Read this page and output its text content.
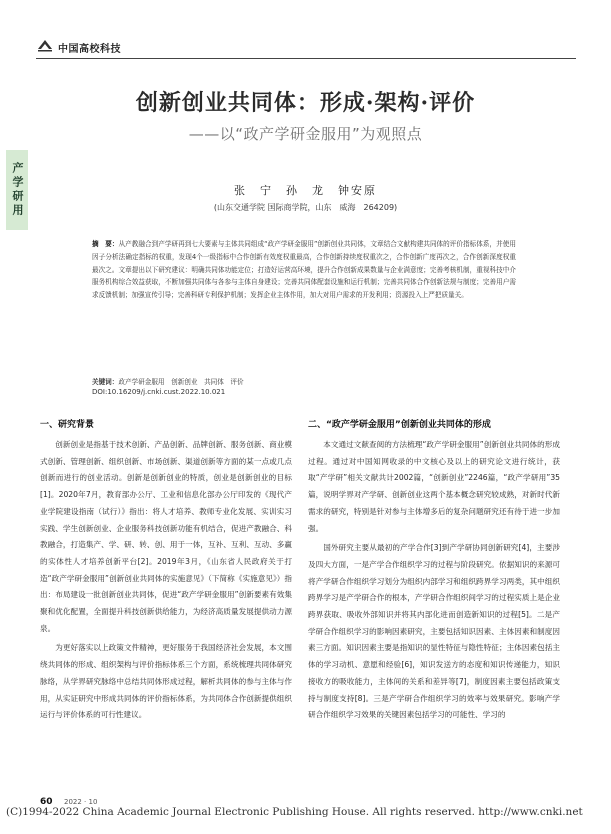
中国高校科技
产学研用
创新创业共同体：形成·架构·评价
——以“政产学研金服用”为观照点
张　宁　孙　龙　钟安原
(山东交通学院 国际商学院，山东　威海　264209)
摘　要：从产教融合到产学研再到七大要素与主体共同组成“政产学研金服用”创新创业共同体，文章结合文献构建共同体的评价指标体系，并使用因子分析法确定指标的权重，发现4个一级指标中合作创新有效度权重最高，合作创新持续度权重次之，合作创新广度再次之，合作创新深度权重最次之。文章提出以下研究建议：明确共同体功能定位；打造好运营高环境，提升合作创新成果数量与企业满意度；完善考核机制，重视科技中介服务机构综合效益获取，不断加强共同体与各参与主体自身建设；完善共同体配套设施和运行机制；完善共同体合作创新法规与制度；完善用户需求反馈机制；加强宣传引导；完善科研专利保护机制；发挥企业主体作用，加大对用户需求的开发利用；资源投入上严把质量关。
关键词：政产学研金服用　创新创业　共同体　评价
DOI:10.16209/j.cnki.cust.2022.10.021
一、研究背景

创新创业是指基于技术创新、产品创新、品牌创新、服务创新、商业模式创新、管理创新、组织创新、市场创新、渠道创新等方面的某一点或几点创新而进行的创业活动。创新是创新创业的特质，创业是创新创业的目标[1]。2020年7月，教育部办公厅、工业和信息化部办公厅印发的《现代产业学院建设指南（试行）》指出：将人才培养、教师专业化发展、实训实习实践、学生创新创业、企业服务科技创新功能有机结合，促进产教融合、科教融合，打造集产、学、研、转、创、用于一体，互补、互利、互动、多赢的实体性人才培养创新平台[2]。2019年3月，《山东省人民政府关于打造“政产学研金服用”创新创业共同体的实施意见》（下简称《实施意见》）指出：布局建设一批创新创业共同体，促进“政产学研金服用”创新要素有效集聚和优化配置，全面提升科技创新供给能力，为经济高质量发展提供动力源泉。

为更好落实以上政策文件精神，更好服务于我国经济社会发展，本文围绕共同体的形成、组织架构与评价指标体系三个方面，系统梳理共同体研究脉络，从学界研究脉络中总结共同体形成过程，解析共同体的参与主体与作用，从实证研究中形成共同体的评价指标体系，为共同体合作创新提供组织运行与评价体系的可行性建议。

二、“政产学研金服用”创新创业共同体的形成

本文通过文献查阅的方法梳理“政产学研金服用”创新创业共同体的形成过程。通过对中国知网收录的中文核心及以上的研究论文进行统计，获取“产学研”相关文献共计2002篇，“创新创业”2246篇，“政产学研用”35篇，说明学界对产学研、创新创业这两个基本概念研究较成熟，对新时代新需求的研究，特别是针对参与主体增多后的复杂问题研究还有待于进一步加强。

国外研究主要从最初的产学合作[3]到产学研协同创新研究[4]，主要涉及四大方面，一是产学合作组织学习的过程与阶段研究。依据知识的来源可将产学研合作组织学习划分为组织内部学习和组织跨界学习两类，其中组织跨界学习是产学研合作的根本，产学研合作组织间学习的过程实质上是企业跨界获取、吸收外部知识并将其内部化进而创造新知识的过程[5]。二是产学研合作组织学习的影响因素研究，主要包括知识因素、主体因素和制度因素三方面。知识因素主要是指知识的显性特征与隐性特征；主体因素包括主体的学习动机、意愿和经验[6]，知识发送方的态度和知识传递能力，知识接收方的吸收能力，主体间的关系和差异等[7]，制度因素主要包括政策支持与制度支持[8]。三是产学研合作组织学习的效率与效果研究。影响产学研合作组织学习效果的关键因素包括学习的可能性、学习的

60 2022 · 10
(C)1994-2022 China Academic Journal Electronic Publishing House. All rights reserved. http://www.cnki.net
